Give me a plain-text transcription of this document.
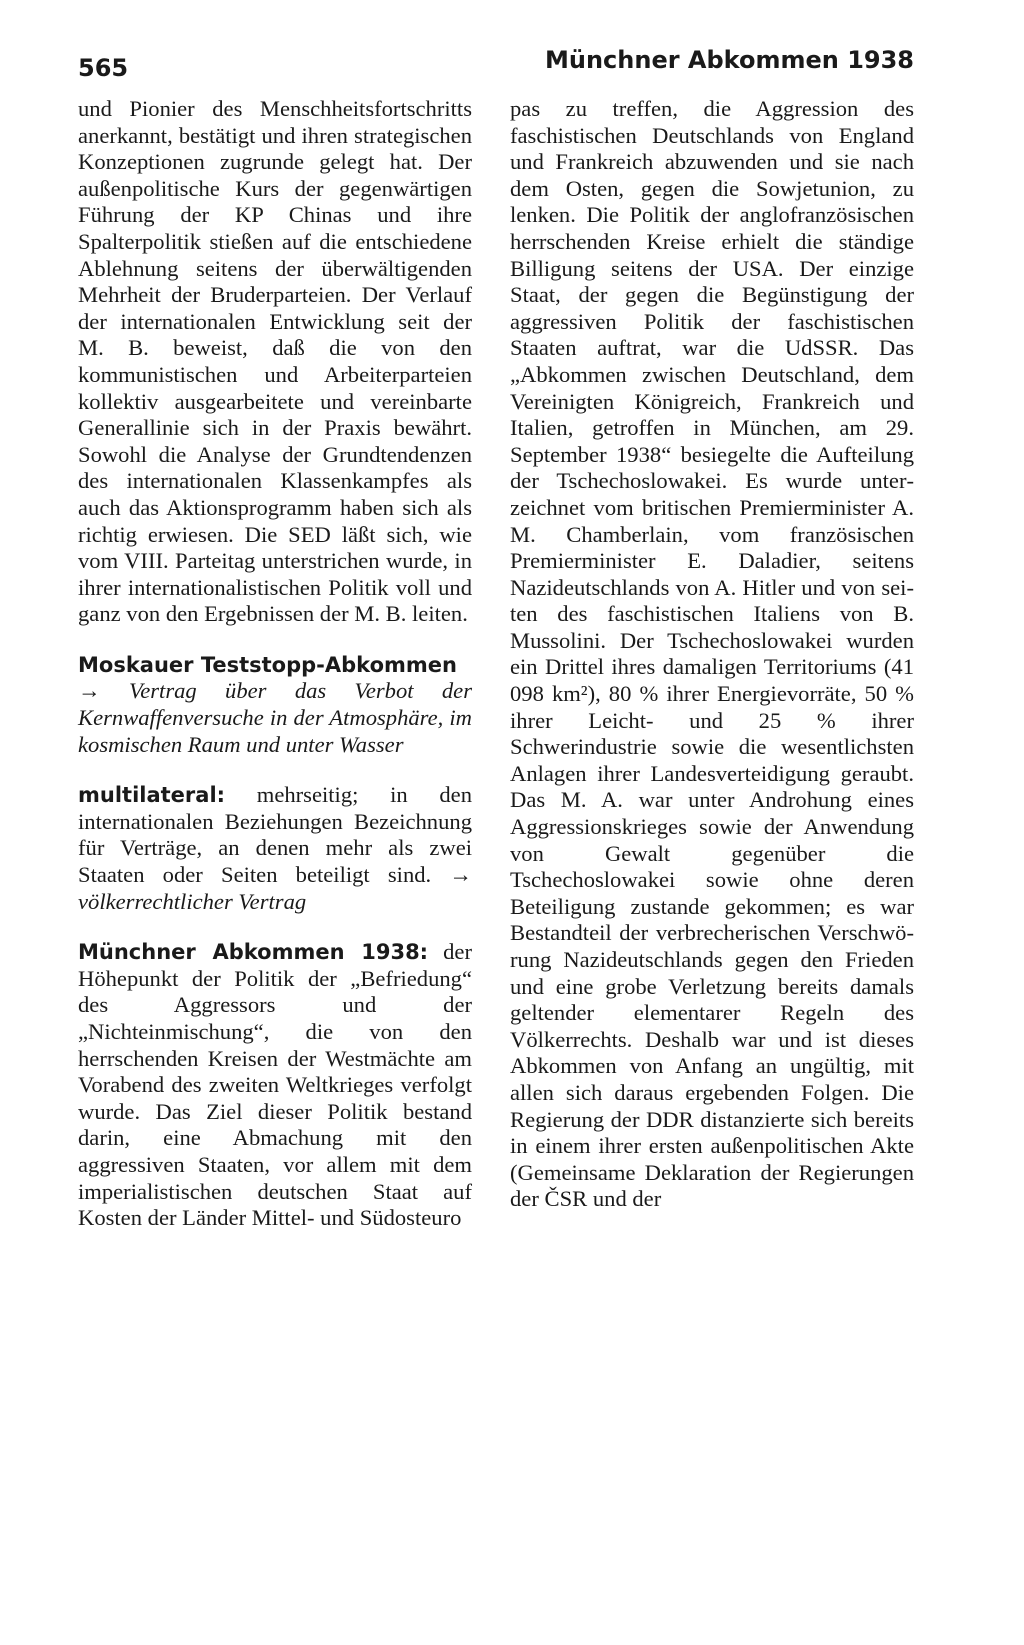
565	Münchner Abkommen 1938

und Pionier des Menschheitsfortschritts anerkannt, bestätigt und ihren strategischen Konzeptionen zugrunde gelegt hat. Der außenpolitische Kurs der gegenwärtigen Führung der KP Chinas und ihre Spalterpolitik stießen auf die entschiedene Ablehnung seitens der überwältigenden Mehrheit der Bruderparteien. Der Verlauf der internationalen Entwicklung seit der M. B. beweist, daß die von den kommunistischen und Arbeiterparteien kollektiv ausgearbeitete und vereinbarte Generallinie sich in der Praxis bewährt. Sowohl die Analyse der Grundtendenzen des internationalen Klassenkampfes als auch das Aktionsprogramm haben sich als richtig erwiesen. Die SED läßt sich, wie vom VIII. Parteitag unterstrichen wurde, in ihrer internationalistischen Politik voll und ganz von den Ergebnissen der M. B. leiten.

Moskauer Teststopp-Abkommen
→ Vertrag über das Verbot der Kernwaffenversuche in der Atmosphäre, im kosmischen Raum und unter Wasser

multilateral: mehrseitig; in den internationalen Beziehungen Bezeichnung für Verträge, an denen mehr als zwei Staaten oder Seiten beteiligt sind. → völkerrechtlicher Vertrag

Münchner Abkommen 1938: der Höhepunkt der Politik der „Befriedung“ des Aggressors und der „Nichteinmischung“, die von den herrschenden Kreisen der Westmächte am Vorabend des zweiten Weltkrieges verfolgt wurde. Das Ziel dieser Politik bestand darin, eine Abmachung mit den aggressiven Staaten, vor allem mit dem imperialistischen deutschen Staat auf Kosten der Länder Mittel- und Südosteuro

pas zu treffen, die Aggression des faschistischen Deutschlands von England und Frankreich abzuwenden und sie nach dem Osten, gegen die Sowjetunion, zu lenken. Die Politik der anglofranzösischen herrschenden Kreise erhielt die ständige Billigung seitens der USA. Der einzige Staat, der gegen die Begünstigung der aggressiven Politik der faschistischen Staaten auftrat, war die UdSSR. Das „Abkommen zwischen Deutschland, dem Vereinigten Königreich, Frankreich und Italien, getroffen in München, am 29. September 1938“ besiegelte die Aufteilung der Tschechoslowakei. Es wurde unterzeichnet vom britischen Premierminister A. M. Chamberlain, vom französischen Premierminister E. Daladier, seitens Nazideutschlands von A. Hitler und von seiten des faschistischen Italiens von B. Mussolini. Der Tschechoslowakei wurden ein Drittel ihres damaligen Territoriums (41 098 km²), 80 % ihrer Energievorräte, 50 % ihrer Leicht- und 25 % ihrer Schwerindustrie sowie die wesentlichsten Anlagen ihrer Landesverteidigung geraubt. Das M. A. war unter Androhung eines Aggressionskrieges sowie der Anwendung von Gewalt gegenüber die Tschechoslowakei sowie ohne deren Beteiligung zustande gekommen; es war Bestandteil der verbrecherischen Verschwörung Nazideutschlands gegen den Frieden und eine grobe Verletzung bereits damals geltender elementarer Regeln des Völkerrechts. Deshalb war und ist dieses Abkommen von Anfang an ungültig, mit allen sich daraus ergebenden Folgen. Die Regierung der DDR distanzierte sich bereits in einem ihrer ersten außenpolitischen Akte (Gemeinsame Deklaration der Regierungen der ČSR und der
